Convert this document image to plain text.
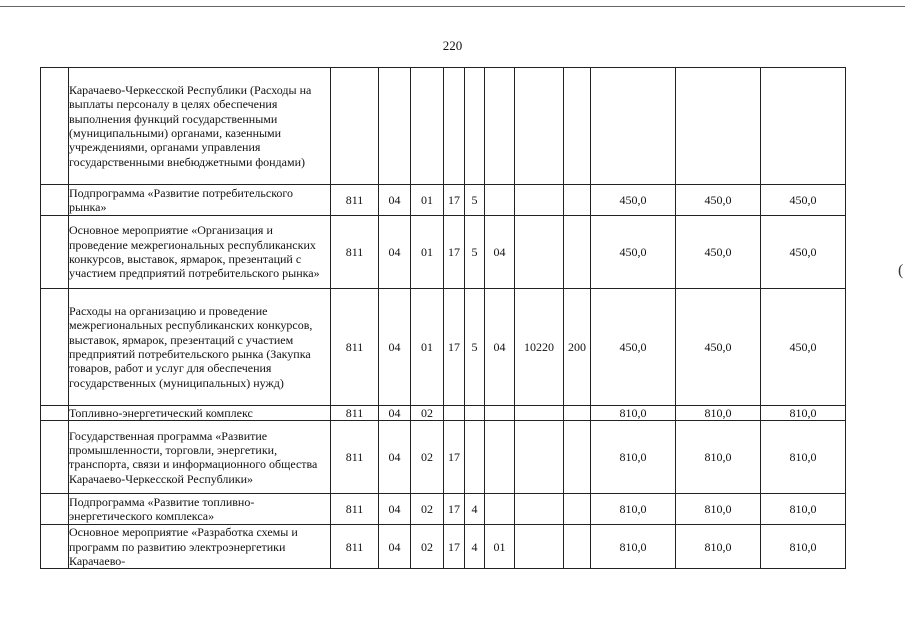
220
(
	Карачаево-Черкесской Республики (Расходы на выплаты персоналу в целях обеспечения выполнения функций государственными (муниципальными) органами, казенными учреждениями, органами управления государственными внебюджетными фондами)											
	Подпрограмма «Развитие потребительского рынка»	811	04	01	17	5				450,0	450,0	450,0
	Основное мероприятие «Организация и проведение межрегиональных республиканских конкурсов, выставок, ярмарок, презентаций с участием предприятий потребительского рынка»	811	04	01	17	5	04			450,0	450,0	450,0
	Расходы на организацию и проведение межрегиональных республиканских конкурсов, выставок, ярмарок, презентаций с участием предприятий потребительского рынка (Закупка товаров, работ и услуг для обеспечения государственных (муниципальных) нужд)	811	04	01	17	5	04	10220	200	450,0	450,0	450,0
	Топливно-энергетический комплекс	811	04	02						810,0	810,0	810,0
	Государственная программа «Развитие промышленности, торговли, энергетики, транспорта, связи и информационного общества Карачаево-Черкесской Республики»	811	04	02	17					810,0	810,0	810,0
	Подпрограмма «Развитие топливно-энергетического комплекса»	811	04	02	17	4				810,0	810,0	810,0
	Основное мероприятие «Разработка схемы и программ по развитию электроэнергетики Карачаево-	811	04	02	17	4	01			810,0	810,0	810,0
